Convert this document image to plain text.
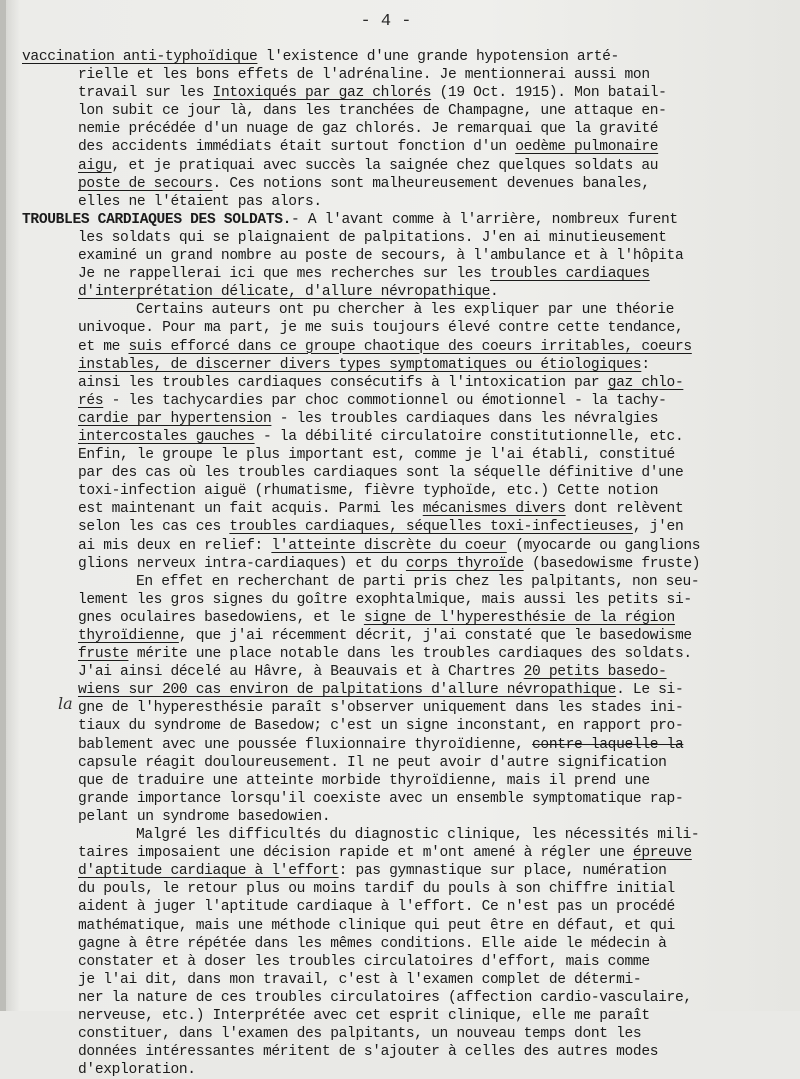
- 4 -
la
vaccination anti-typhoïdique l'existence d'une grande hypotension arté-
rielle et les bons effets de l'adrénaline. Je mentionnerai aussi mon
travail sur les Intoxiqués par gaz chlorés (19 Oct. 1915). Mon batail-
lon subit ce jour là, dans les tranchées de Champagne, une attaque en-
nemie précédée d'un nuage de gaz chlorés. Je remarquai que la gravité
des accidents immédiats était surtout fonction d'un oedème pulmonaire
aigu, et je pratiquai avec succès la saignée chez quelques soldats au
poste de secours. Ces notions sont malheureusement devenues banales,
elles ne l'étaient pas alors.
TROUBLES CARDIAQUES DES SOLDATS.- A l'avant comme à l'arrière, nombreux furent
les soldats qui se plaignaient de palpitations. J'en ai minutieusement
examiné un grand nombre au poste de secours, à l'ambulance et à l'hôpita
Je ne rappellerai ici que mes recherches sur les troubles cardiaques
d'interprétation délicate, d'allure névropathique.
Certains auteurs ont pu chercher à les expliquer par une théorie
univoque. Pour ma part, je me suis toujours élevé contre cette tendance,
et me suis efforcé dans ce groupe chaotique des coeurs irritables, coeurs
instables, de discerner divers types symptomatiques ou étiologiques:
ainsi les troubles cardiaques consécutifs à l'intoxication par gaz chlo-
rés - les tachycardies par choc commotionnel ou émotionnel - la tachy-
cardie par hypertension - les troubles cardiaques dans les névralgies
intercostales gauches - la débilité circulatoire constitutionnelle, etc.
Enfin, le groupe le plus important est, comme je l'ai établi, constitué
par des cas où les troubles cardiaques sont la séquelle définitive d'une
toxi-infection aiguë (rhumatisme, fièvre typhoïde, etc.) Cette notion
est maintenant un fait acquis. Parmi les mécanismes divers dont relèvent
selon les cas ces troubles cardiaques, séquelles toxi-infectieuses, j'en
ai mis deux en relief: l'atteinte discrète du coeur (myocarde ou ganglions
glions nerveux intra-cardiaques) et du corps thyroïde (basedowisme fruste)
En effet en recherchant de parti pris chez les palpitants, non seu-
lement les gros signes du goître exophtalmique, mais aussi les petits si-
gnes oculaires basedowiens, et le signe de l'hyperesthésie de la région
thyroïdienne, que j'ai récemment décrit, j'ai constaté que le basedowisme
fruste mérite une place notable dans les troubles cardiaques des soldats.
J'ai ainsi décelé au Hâvre, à Beauvais et à Chartres 20 petits basedo-
wiens sur 200 cas environ de palpitations d'allure névropathique. Le si-
gne de l'hyperesthésie paraît s'observer uniquement dans les stades ini-
tiaux du syndrome de Basedow; c'est un signe inconstant, en rapport pro-
bablement avec une poussée fluxionnaire thyroïdienne, contre laquelle la
capsule réagit douloureusement. Il ne peut avoir d'autre signification
que de traduire une atteinte morbide thyroïdienne, mais il prend une
grande importance lorsqu'il coexiste avec un ensemble symptomatique rap-
pelant un syndrome basedowien.
Malgré les difficultés du diagnostic clinique, les nécessités mili-
taires imposaient une décision rapide et m'ont amené à régler une épreuve
d'aptitude cardiaque à l'effort: pas gymnastique sur place, numération
du pouls, le retour plus ou moins tardif du pouls à son chiffre initial
aident à juger l'aptitude cardiaque à l'effort. Ce n'est pas un procédé
mathématique, mais une méthode clinique qui peut être en défaut, et qui
gagne à être répétée dans les mêmes conditions. Elle aide le médecin à
constater et à doser les troubles circulatoires d'effort, mais comme
je l'ai dit, dans mon travail, c'est à l'examen complet de détermi-
ner la nature de ces troubles circulatoires (affection cardio-vasculaire,
nerveuse, etc.) Interprétée avec cet esprit clinique, elle me paraît
constituer, dans l'examen des palpitants, un nouveau temps dont les
données intéressantes méritent de s'ajouter à celles des autres modes
d'exploration.
